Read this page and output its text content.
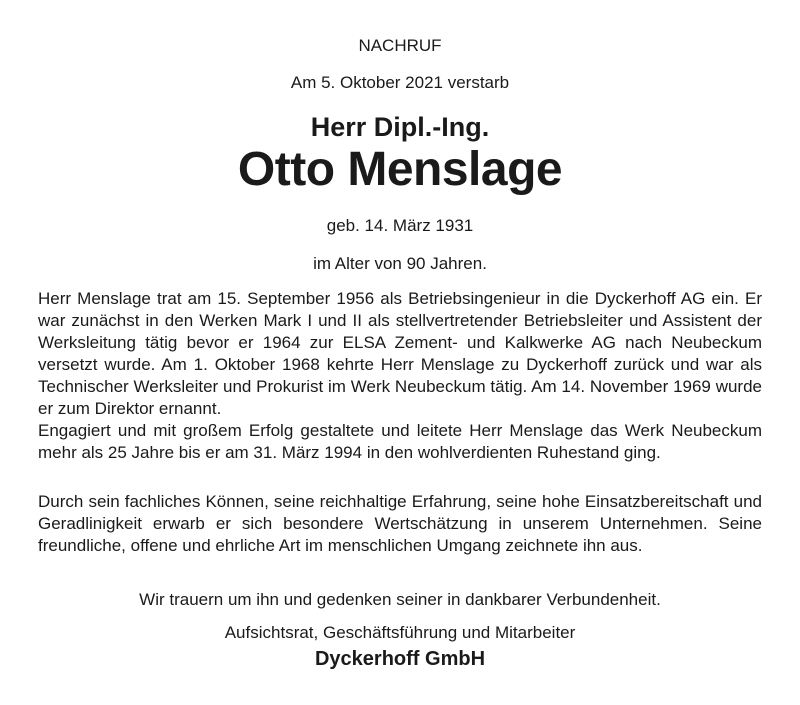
NACHRUF
Am 5. Oktober 2021 verstarb
Herr Dipl.-Ing.
Otto Menslage
geb. 14. März 1931
im Alter von 90 Jahren.

Herr Menslage trat am 15. September 1956 als Betriebsingenieur in die Dyckerhoff AG ein. Er war zunächst in den Werken Mark I und II als stellvertretender Betriebsleiter und Assistent der Werksleitung tätig bevor er 1964 zur ELSA Zement- und Kalkwerke AG nach Neubeckum versetzt wurde. Am 1. Oktober 1968 kehrte Herr Menslage zu Dyckerhoff zurück und war als Technischer Werksleiter und Prokurist im Werk Neubeckum tätig. Am 14. November 1969 wurde er zum Direktor ernannt.

Engagiert und mit großem Erfolg gestaltete und leitete Herr Menslage das Werk Neubeckum mehr als 25 Jahre bis er am 31. März 1994 in den wohlverdienten Ruhestand ging.

Durch sein fachliches Können, seine reichhaltige Erfahrung, seine hohe Einsatzbereitschaft und Geradlinigkeit erwarb er sich besondere Wertschätzung in unserem Unternehmen. Seine freundliche, offene und ehrliche Art im menschlichen Umgang zeichnete ihn aus.

Wir trauern um ihn und gedenken seiner in dankbarer Verbundenheit.
Aufsichtsrat, Geschäftsführung und Mitarbeiter
Dyckerhoff GmbH
